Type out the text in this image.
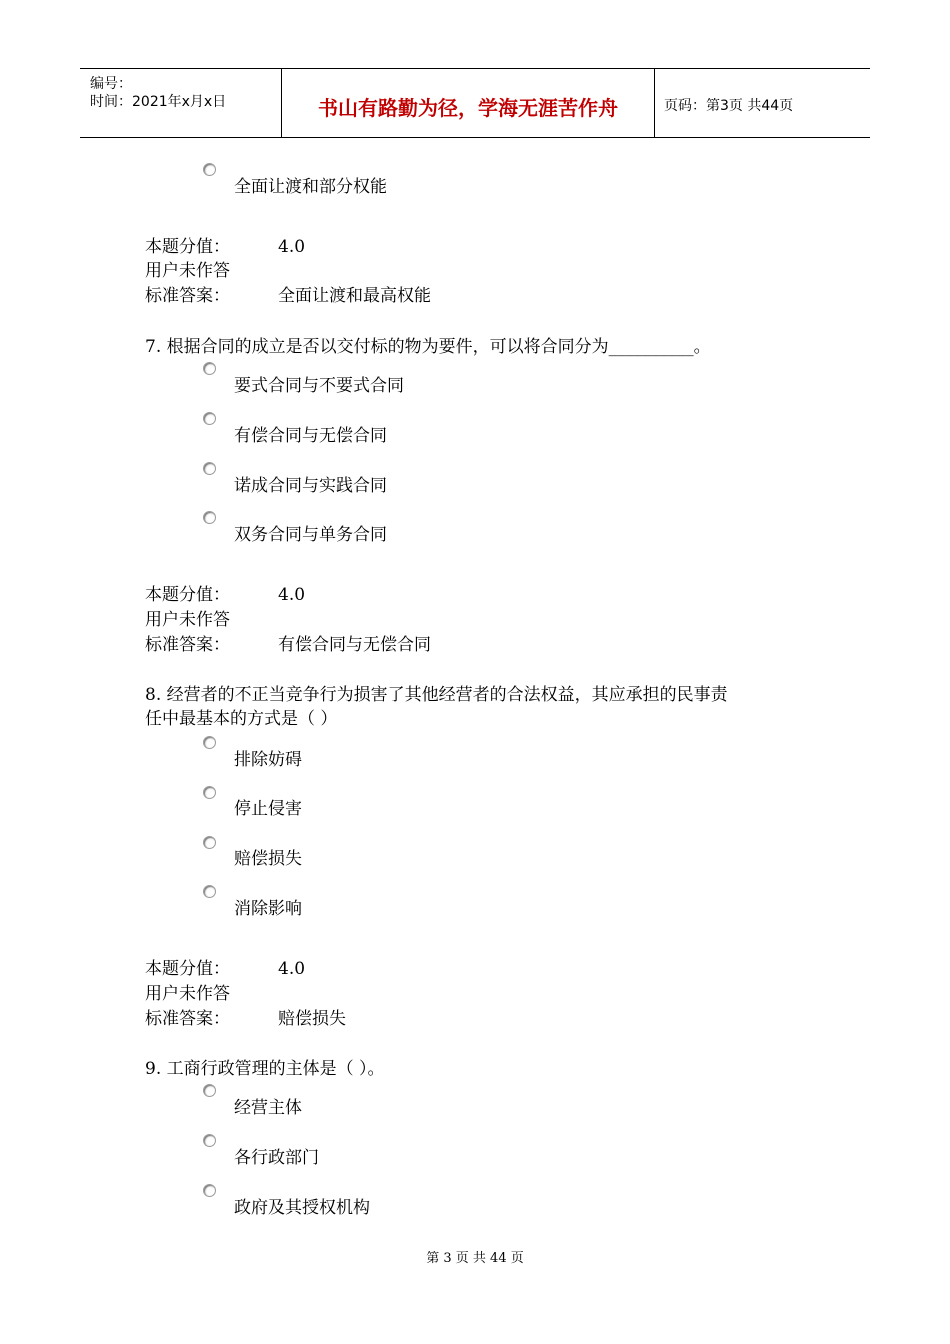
编号：
时间：2021年x月x日	书山有路勤为径，学海无涯苦作舟	页码：第3页 共44页
全面让渡和部分权能
本题分值：	4.0
用户未作答
标准答案：	全面让渡和最高权能
7. 根据合同的成立是否以交付标的物为要件，可以将合同分为__________。
要式合同与不要式合同
有偿合同与无偿合同
诺成合同与实践合同
双务合同与单务合同
本题分值：	4.0
用户未作答
标准答案：	有偿合同与无偿合同
8. 经营者的不正当竞争行为损害了其他经营者的合法权益，其应承担的民事责
任中最基本的方式是（ ）
排除妨碍
停止侵害
赔偿损失
消除影响
本题分值：	4.0
用户未作答
标准答案：	赔偿损失
9. 工商行政管理的主体是（ ）。
经营主体
各行政部门
政府及其授权机构
第 3 页 共 44 页
